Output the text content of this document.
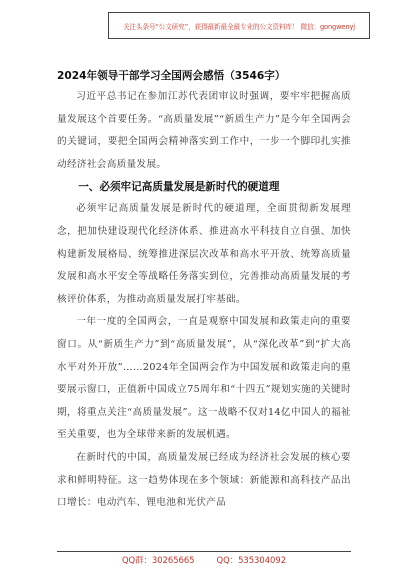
关注头条号“公文研究”，获得最新最全最专业的公文资料库！ 微信：gongwenyj
2024年领导干部学习全国两会感悟（3546字）

习近平总书记在参加江苏代表团审议时强调，要牢牢把握高质量发展这个首要任务。“高质量发展”“新质生产力”是今年全国两会的关键词，要把全国两会精神落实到工作中，一步一个脚印扎实推动经济社会高质量发展。

一、必须牢记高质量发展是新时代的硬道理

必须牢记高质量发展是新时代的硬道理，全面贯彻新发展理念，把加快建设现代化经济体系、推进高水平科技自立自强、加快构建新发展格局、统筹推进深层次改革和高水平开放、统筹高质量发展和高水平安全等战略任务落实到位，完善推动高质量发展的考核评价体系，为推动高质量发展打牢基础。

一年一度的全国两会，一直是观察中国发展和政策走向的重要窗口。从“新质生产力”到“高质量发展”，从“深化改革”到“扩大高水平对外开放”……2024年全国两会作为中国发展和政策走向的重要展示窗口，正值新中国成立75周年和“十四五”规划实施的关键时期，将重点关注“高质量发展”。这一战略不仅对14亿中国人的福祉至关重要，也为全球带来新的发展机遇。

在新时代的中国，高质量发展已经成为经济社会发展的核心要求和鲜明特征。这一趋势体现在多个领域：新能源和高科技产品出口增长：电动汽车、锂电池和光伏产品

QQ群：30265665	QQ：535304092
